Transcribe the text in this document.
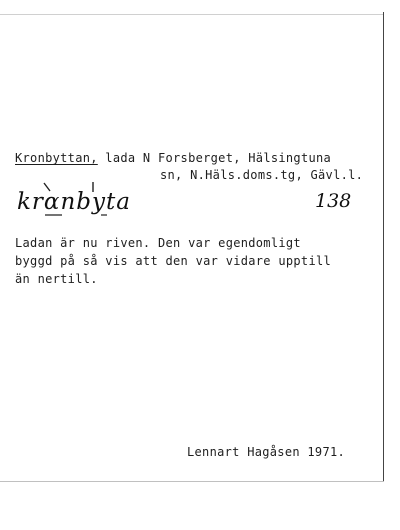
Kronbyttan, lada N Forsberget, Hälsingtuna
sn, N.Häls.doms.tg, Gävl.l.
krɑnbyta	138
Ladan är nu riven. Den var egendomligt
byggd på så vis att den var vidare upptill
än nertill.
Lennart Hagåsen 1971.
